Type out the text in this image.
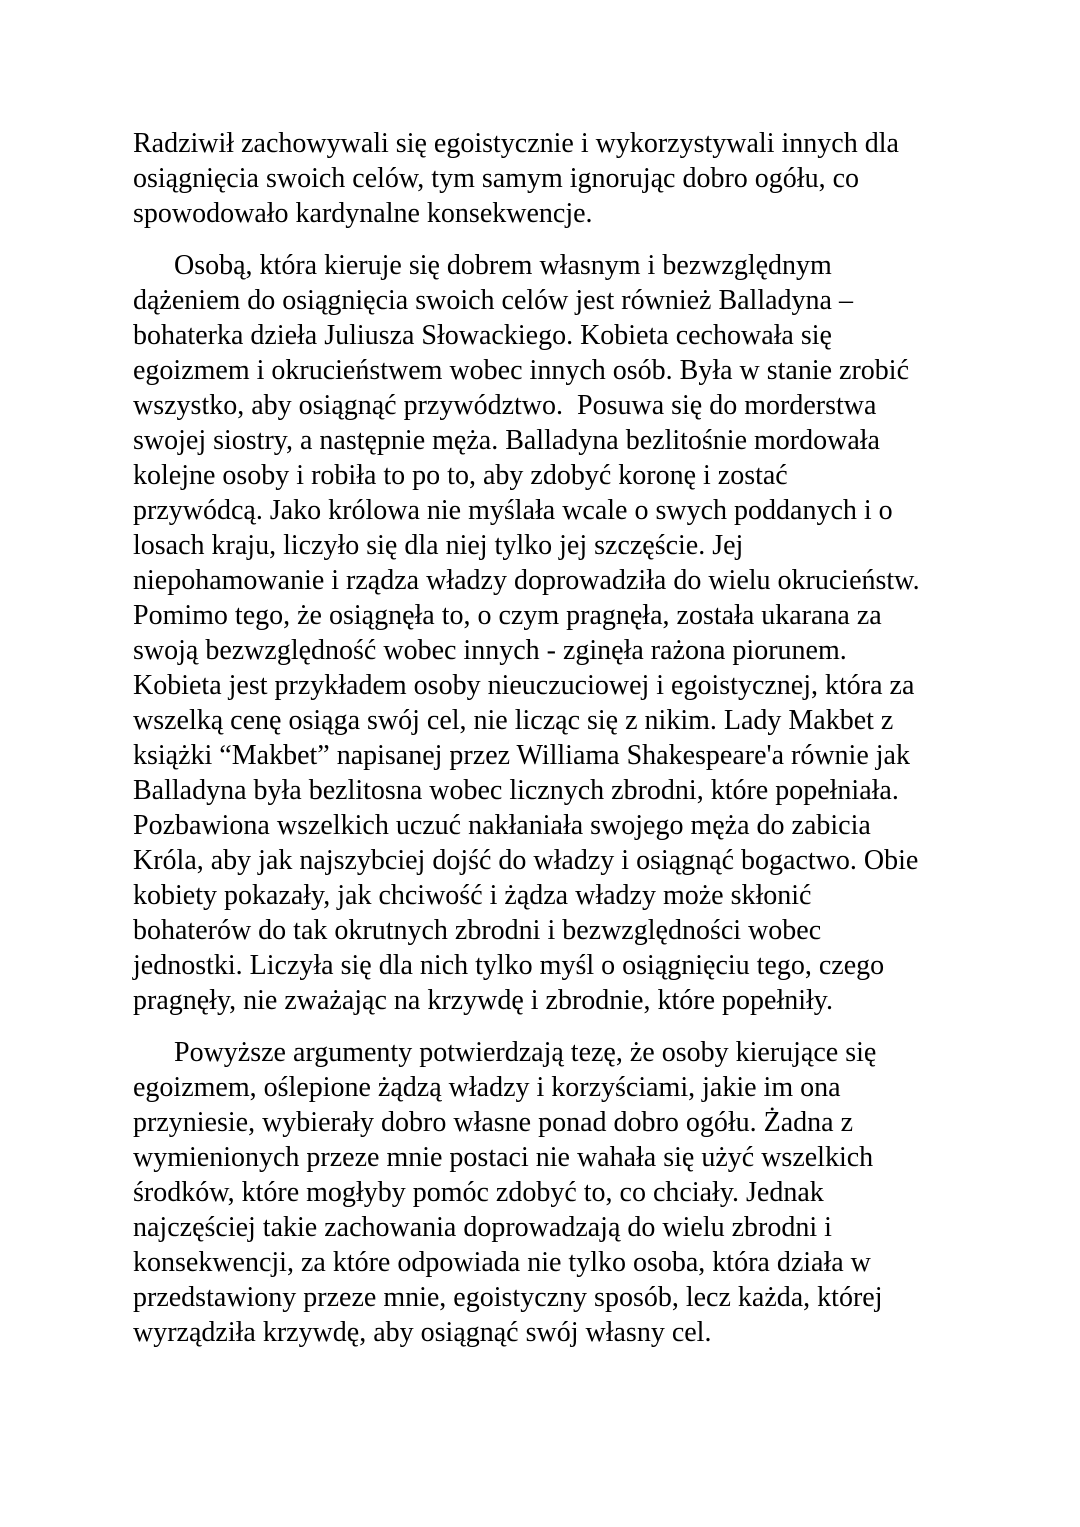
Radziwił zachowywali się egoistycznie i wykorzystywali innych dla
osiągnięcia swoich celów, tym samym ignorując dobro ogółu, co
spowodowało kardynalne konsekwencje.

Osobą, która kieruje się dobrem własnym i bezwzględnym
dążeniem do osiągnięcia swoich celów jest również Balladyna –
bohaterka dzieła Juliusza Słowackiego. Kobieta cechowała się
egoizmem i okrucieństwem wobec innych osób. Była w stanie zrobić
wszystko, aby osiągnąć przywództwo.  Posuwa się do morderstwa
swojej siostry, a następnie męża. Balladyna bezlitośnie mordowała
kolejne osoby i robiła to po to, aby zdobyć koronę i zostać
przywódcą. Jako królowa nie myślała wcale o swych poddanych i o
losach kraju, liczyło się dla niej tylko jej szczęście. Jej
niepohamowanie i rządza władzy doprowadziła do wielu okrucieństw.
Pomimo tego, że osiągnęła to, o czym pragnęła, została ukarana za
swoją bezwzględność wobec innych - zginęła rażona piorunem.
Kobieta jest przykładem osoby nieuczuciowej i egoistycznej, która za
wszelką cenę osiąga swój cel, nie licząc się z nikim. Lady Makbet z
książki “Makbet” napisanej przez Williama Shakespeare'a równie jak
Balladyna była bezlitosna wobec licznych zbrodni, które popełniała.
Pozbawiona wszelkich uczuć nakłaniała swojego męża do zabicia
Króla, aby jak najszybciej dojść do władzy i osiągnąć bogactwo. Obie
kobiety pokazały, jak chciwość i żądza władzy może skłonić
bohaterów do tak okrutnych zbrodni i bezwzględności wobec
jednostki. Liczyła się dla nich tylko myśl o osiągnięciu tego, czego
pragnęły, nie zważając na krzywdę i zbrodnie, które popełniły.

Powyższe argumenty potwierdzają tezę, że osoby kierujące się
egoizmem, oślepione żądzą władzy i korzyściami, jakie im ona
przyniesie, wybierały dobro własne ponad dobro ogółu. Żadna z
wymienionych przeze mnie postaci nie wahała się użyć wszelkich
środków, które mogłyby pomóc zdobyć to, co chciały. Jednak
najczęściej takie zachowania doprowadzają do wielu zbrodni i
konsekwencji, za które odpowiada nie tylko osoba, która działa w
przedstawiony przeze mnie, egoistyczny sposób, lecz każda, której
wyrządziła krzywdę, aby osiągnąć swój własny cel.
